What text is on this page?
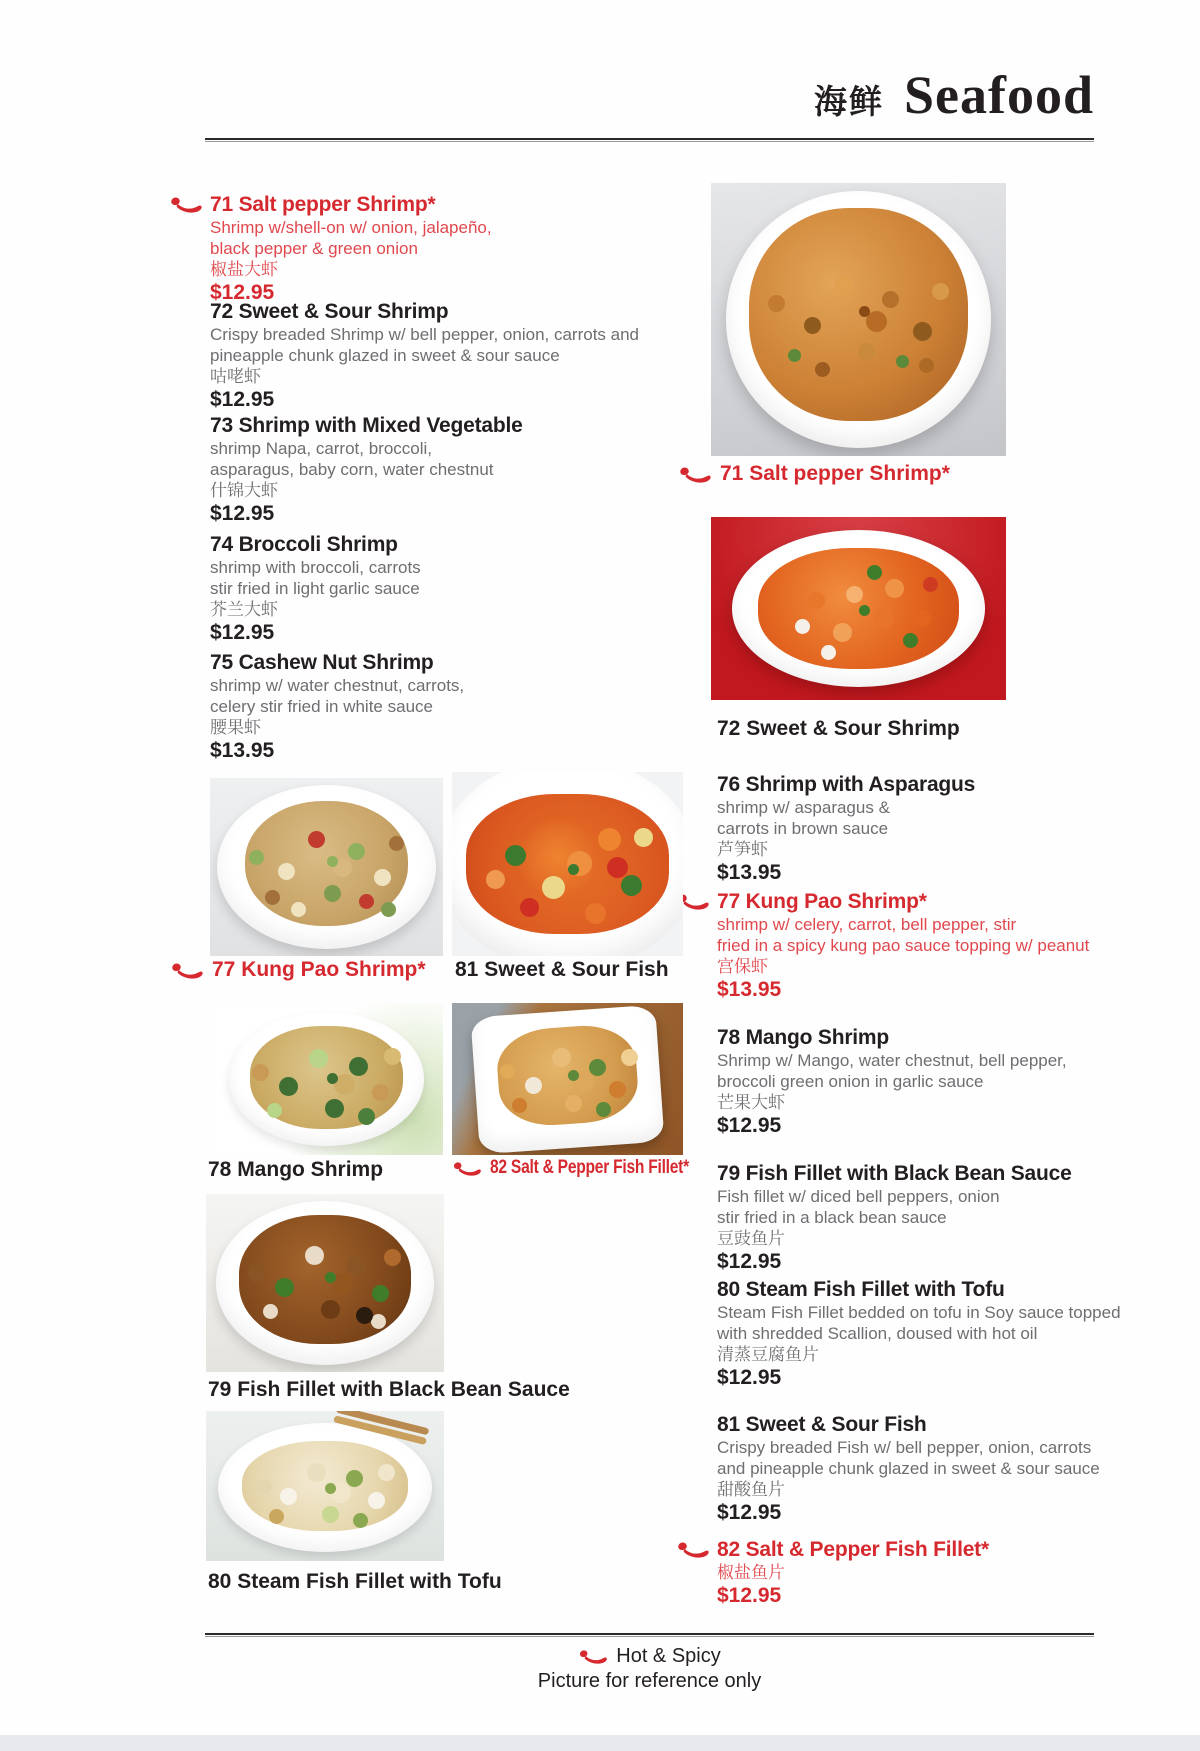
海鲜 Seafood
71 Salt pepper Shrimp*
Shrimp w/shell-on w/ onion, jalapeño,
black pepper & green onion
椒盐大虾
$12.95
72 Sweet & Sour Shrimp
Crispy breaded Shrimp w/ bell pepper, onion, carrots and
pineapple chunk glazed in sweet & sour sauce
咕咾虾
$12.95
73 Shrimp with Mixed Vegetable
shrimp Napa, carrot, broccoli,
asparagus, baby corn, water chestnut
什锦大虾
$12.95
74 Broccoli Shrimp
shrimp with broccoli, carrots
stir fried in light garlic sauce
芥兰大虾
$12.95
75 Cashew Nut Shrimp
shrimp w/ water chestnut, carrots,
celery stir fried in white sauce
腰果虾
$13.95
76 Shrimp with Asparagus
shrimp w/ asparagus &
carrots in brown sauce
芦笋虾
$13.95
77 Kung Pao Shrimp*
shrimp w/ celery, carrot, bell pepper, stir
fried in a spicy kung pao sauce topping w/ peanut
宫保虾
$13.95
78 Mango Shrimp
Shrimp w/ Mango, water chestnut, bell pepper,
broccoli green onion in garlic sauce
芒果大虾
$12.95
79 Fish Fillet with Black Bean Sauce
Fish fillet w/ diced bell peppers, onion
stir fried in a black bean sauce
豆豉鱼片
$12.95
80 Steam Fish Fillet with Tofu
Steam Fish Fillet bedded on tofu in Soy sauce topped
with shredded Scallion, doused with hot oil
清蒸豆腐鱼片
$12.95
81 Sweet & Sour Fish
Crispy breaded Fish w/ bell pepper, onion, carrots
and pineapple chunk glazed in sweet & sour sauce
甜酸鱼片
$12.95
82 Salt & Pepper Fish Fillet*
椒盐鱼片
$12.95
71 Salt pepper Shrimp*
72 Sweet & Sour Shrimp
77 Kung Pao Shrimp* 81 Sweet & Sour Fish
78 Mango Shrimp	82 Salt & Pepper Fish Fillet*
79 Fish Fillet with Black Bean Sauce
80 Steam Fish Fillet with Tofu
Hot & Spicy
Picture for reference only
